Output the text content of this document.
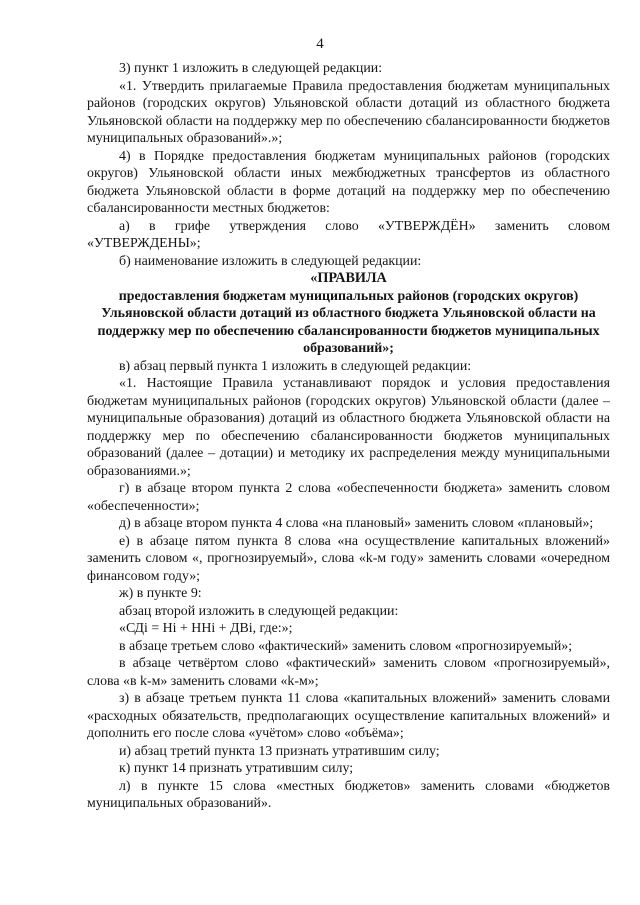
4

3) пункт 1 изложить в следующей редакции:

«1. Утвердить прилагаемые Правила предоставления бюджетам муниципальных районов (городских округов) Ульяновской области дотаций из областного бюджета Ульяновской области на поддержку мер по обеспечению сбалансированности бюджетов муниципальных образований».»;

4) в Порядке предоставления бюджетам муниципальных районов (городских округов) Ульяновской области иных межбюджетных трансфертов из областного бюджета Ульяновской области в форме дотаций на поддержку мер по обеспечению сбалансированности местных бюджетов:

а) в грифе утверждения слово «УТВЕРЖДЁН» заменить словом «УТВЕРЖДЕНЫ»;

б) наименование изложить в следующей редакции:

«ПРАВИЛА

предоставления бюджетам муниципальных районов (городских округов) Ульяновской области дотаций из областного бюджета Ульяновской области на поддержку мер по обеспечению сбалансированности бюджетов муниципальных образований»;

в) абзац первый пункта 1 изложить в следующей редакции:

«1. Настоящие Правила устанавливают порядок и условия предоставления бюджетам муниципальных районов (городских округов) Ульяновской области (далее – муниципальные образования) дотаций из областного бюджета Ульяновской области на поддержку мер по обеспечению сбалансированности бюджетов муниципальных образований (далее – дотации) и методику их распределения между муниципальными образованиями.»;

г) в абзаце втором пункта 2 слова «обеспеченности бюджета» заменить словом «обеспеченности»;

д) в абзаце втором пункта 4 слова «на плановый» заменить словом «плановый»;

е) в абзаце пятом пункта 8 слова «на осуществление капитальных вложений» заменить словом «, прогнозируемый», слова «k-м году» заменить словами «очередном финансовом году»;

ж) в пункте 9:

абзац второй изложить в следующей редакции:

«СДi = Hi + HHi + ДВi, где:»;

в абзаце третьем слово «фактический» заменить словом «прогнозируемый»;

в абзаце четвёртом слово «фактический» заменить словом «прогнозируемый», слова «в k-м» заменить словами «k-м»;

з) в абзаце третьем пункта 11 слова «капитальных вложений» заменить словами «расходных обязательств, предполагающих осуществление капитальных вложений» и дополнить его после слова «учётом» слово «объёма»;

и) абзац третий пункта 13 признать утратившим силу;

к) пункт 14 признать утратившим силу;

л) в пункте 15 слова «местных бюджетов» заменить словами «бюджетов муниципальных образований».
